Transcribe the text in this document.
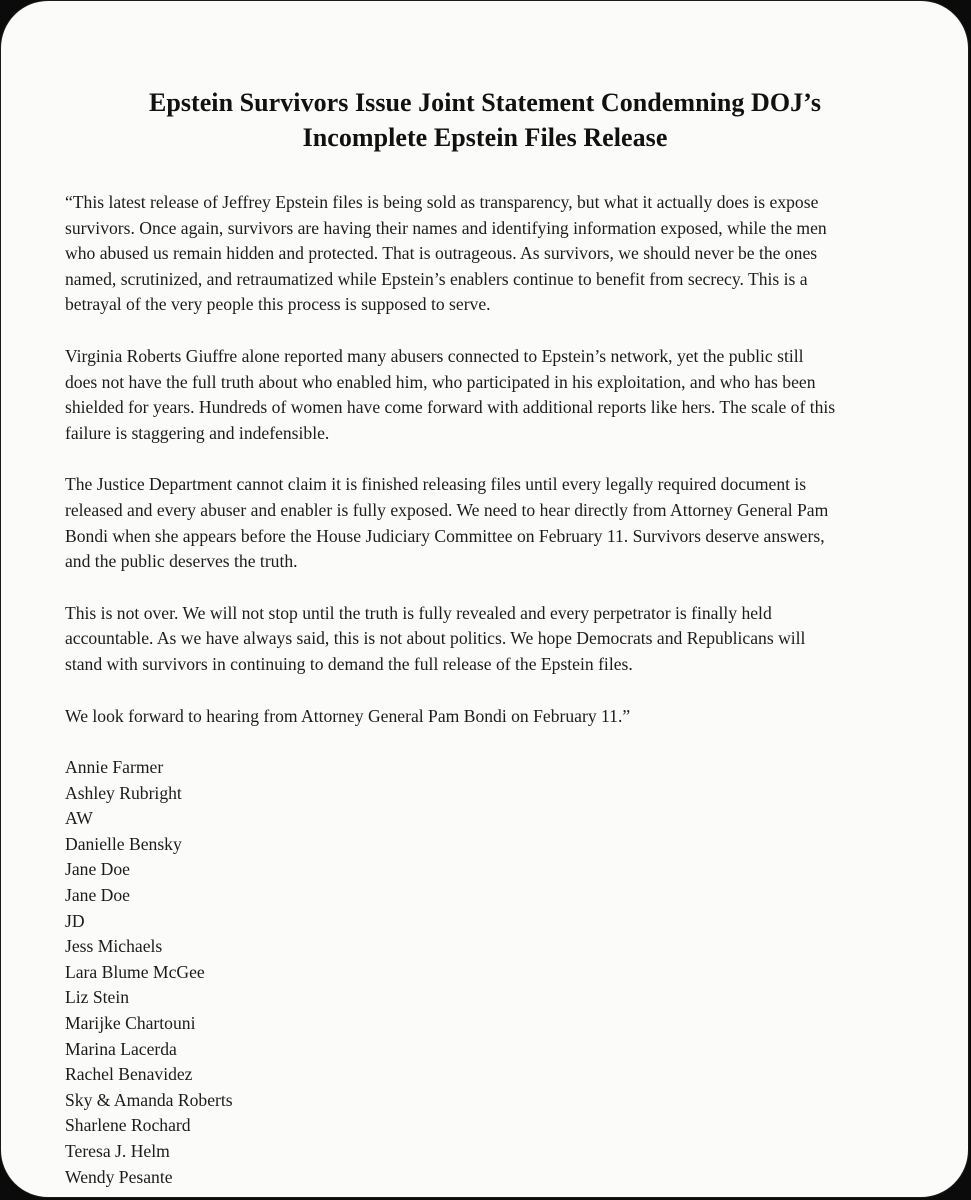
Epstein Survivors Issue Joint Statement Condemning DOJ’s
Incomplete Epstein Files Release

“This latest release of Jeffrey Epstein files is being sold as transparency, but what it actually does is expose
survivors. Once again, survivors are having their names and identifying information exposed, while the men
who abused us remain hidden and protected. That is outrageous. As survivors, we should never be the ones
named, scrutinized, and retraumatized while Epstein’s enablers continue to benefit from secrecy. This is a
betrayal of the very people this process is supposed to serve.

Virginia Roberts Giuffre alone reported many abusers connected to Epstein’s network, yet the public still
does not have the full truth about who enabled him, who participated in his exploitation, and who has been
shielded for years. Hundreds of women have come forward with additional reports like hers. The scale of this
failure is staggering and indefensible.

The Justice Department cannot claim it is finished releasing files until every legally required document is
released and every abuser and enabler is fully exposed. We need to hear directly from Attorney General Pam
Bondi when she appears before the House Judiciary Committee on February 11. Survivors deserve answers,
and the public deserves the truth.

This is not over. We will not stop until the truth is fully revealed and every perpetrator is finally held
accountable. As we have always said, this is not about politics. We hope Democrats and Republicans will
stand with survivors in continuing to demand the full release of the Epstein files.

We look forward to hearing from Attorney General Pam Bondi on February 11.”

Annie Farmer
Ashley Rubright
AW
Danielle Bensky
Jane Doe
Jane Doe
JD
Jess Michaels
Lara Blume McGee
Liz Stein
Marijke Chartouni
Marina Lacerda
Rachel Benavidez
Sky & Amanda Roberts
Sharlene Rochard
Teresa J. Helm
Wendy Pesante
